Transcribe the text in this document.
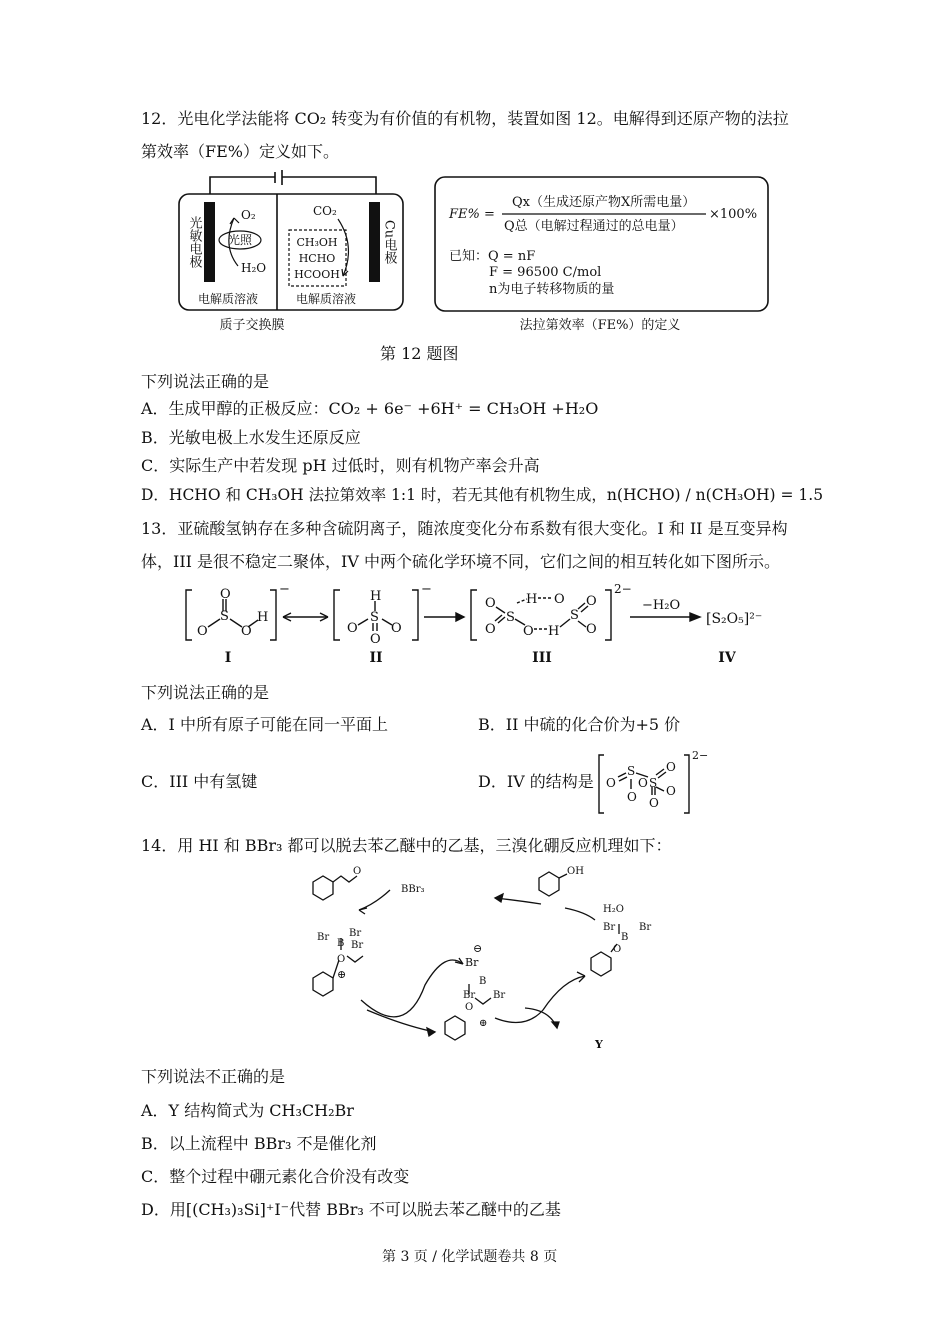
12．光电化学法能将 CO₂ 转变为有价值的有机物，装置如图 12。电解得到还原产物的法拉
第效率（FE%）定义如下。
光敏电极	Cu电极
光照
O₂
H₂O
CO₂
CH₃OH
HCHO
HCOOH
电解质溶液	电解质溶液
质子交换膜
FE% =
Qx（生成还原产物X所需电量）
Q总（电解过程通过的总电量）
×100%
已知：Q = nF
F = 96500 C/mol
n为电子转移物质的量
法拉第效率（FE%）的定义
第 12 题图
下列说法正确的是
A．生成甲醇的正极反应：CO₂ + 6e⁻ +6H⁺ = CH₃OH +H₂O
B．光敏电极上水发生还原反应
C．实际生产中若发现 pH 过低时，则有机物产率会升高
D．HCHO 和 CH₃OH 法拉第效率 1:1 时，若无其他有机物生成，n(HCHO) / n(CH₃OH) = 1.5
13．亚硫酸氢钠存在多种含硫阴离子，随浓度变化分布系数有很大变化。I 和 II 是互变异构
体，III 是很不稳定二聚体，IV 中两个硫化学环境不同，它们之间的相互转化如下图所示。
O
S
O	O
H
−	H
S
O	O
O
−
O
O
S
H
O
O
H
S
O
O
2−
−H₂O
[S₂O₅]²⁻
I	II	III	IV
下列说法正确的是
A．I 中所有原子可能在同一平面上	B．II 中硫的化合价为+5 价
C．III 中有氢键	D．IV 的结构是 O
S
O
O S
O
O
O
2−
14．用 HI 和 BBr₃ 都可以脱去苯乙醚中的乙基，三溴化硼反应机理如下：
BBr₃
O
Br
B
Br
Br
O	Br
⊖
⊕
Br Br
B
O
⊕
Y
OH
H₂O
Br Br
B
O
下列说法不正确的是
A．Y 结构简式为 CH₃CH₂Br
B．以上流程中 BBr₃ 不是催化剂
C．整个过程中硼元素化合价没有改变
D．用[(CH₃)₃Si]⁺I⁻代替 BBr₃ 不可以脱去苯乙醚中的乙基
第 3 页 / 化学试题卷共 8 页
